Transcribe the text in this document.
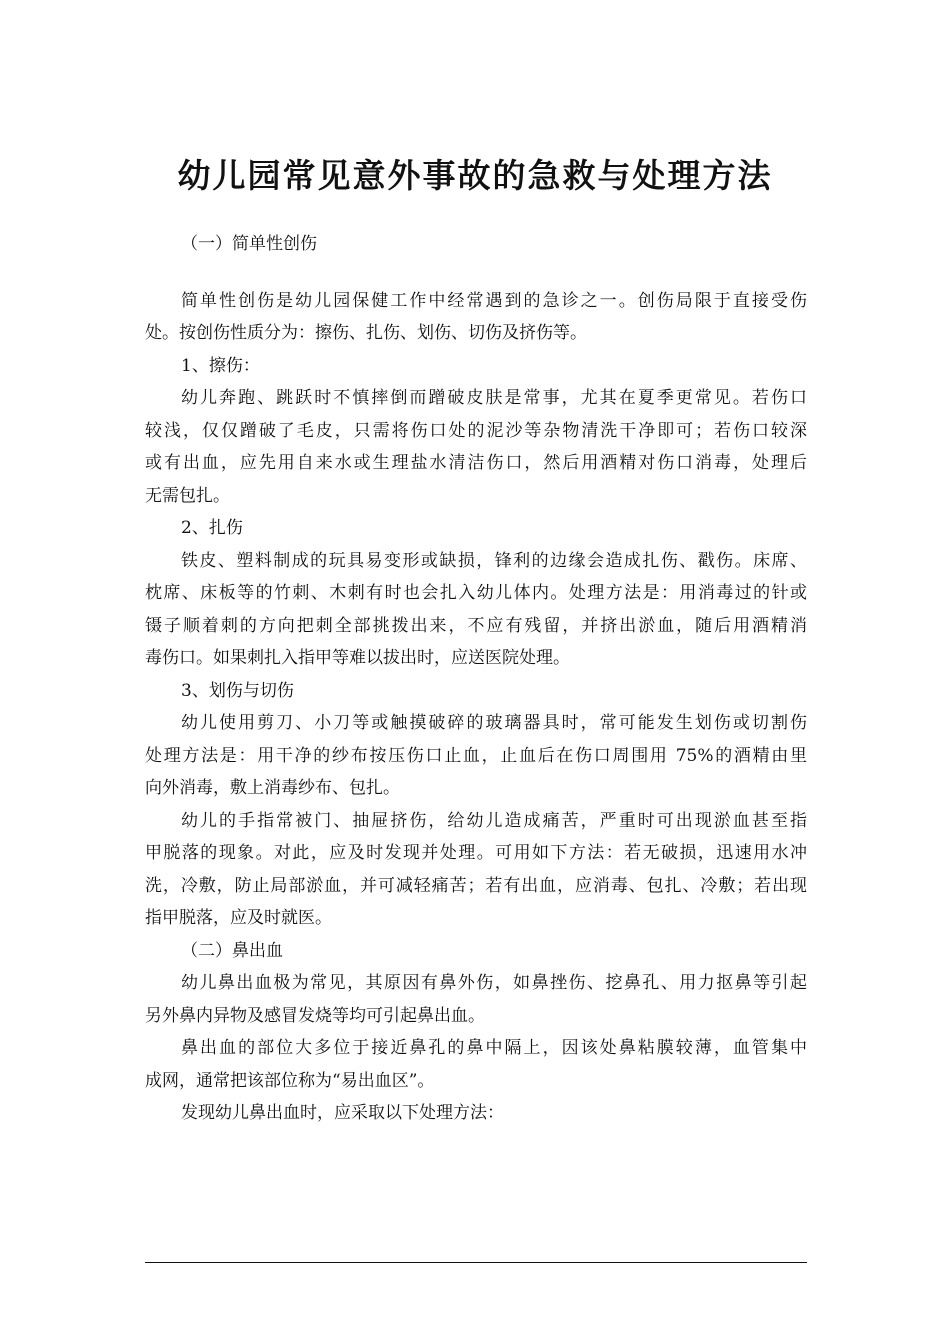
幼儿园常见意外事故的急救与处理方法
（一）简单性创伤
简单性创伤是幼儿园保健工作中经常遇到的急诊之一。创伤局限于直接受伤
处。按创伤性质分为：擦伤、扎伤、划伤、切伤及挤伤等。
1、擦伤：
幼儿奔跑、跳跃时不慎摔倒而蹭破皮肤是常事，尤其在夏季更常见。若伤口
较浅，仅仅蹭破了毛皮，只需将伤口处的泥沙等杂物清洗干净即可；若伤口较深
或有出血，应先用自来水或生理盐水清洁伤口，然后用酒精对伤口消毒，处理后
无需包扎。
2、扎伤
铁皮、塑料制成的玩具易变形或缺损，锋利的边缘会造成扎伤、戳伤。床席、
枕席、床板等的竹刺、木刺有时也会扎入幼儿体内。处理方法是：用消毒过的针或
镊子顺着刺的方向把刺全部挑拨出来，不应有残留，并挤出淤血，随后用酒精消
毒伤口。如果刺扎入指甲等难以拔出时，应送医院处理。
3、划伤与切伤
幼儿使用剪刀、小刀等或触摸破碎的玻璃器具时，常可能发生划伤或切割伤
处理方法是：用干净的纱布按压伤口止血，止血后在伤口周围用 75%的酒精由里
向外消毒，敷上消毒纱布、包扎。
幼儿的手指常被门、抽屉挤伤，给幼儿造成痛苦，严重时可出现淤血甚至指
甲脱落的现象。对此，应及时发现并处理。可用如下方法：若无破损，迅速用水冲
洗，冷敷，防止局部淤血，并可减轻痛苦；若有出血，应消毒、包扎、冷敷；若出现
指甲脱落，应及时就医。
（二）鼻出血
幼儿鼻出血极为常见，其原因有鼻外伤，如鼻挫伤、挖鼻孔、用力抠鼻等引起
另外鼻内异物及感冒发烧等均可引起鼻出血。
鼻出血的部位大多位于接近鼻孔的鼻中隔上，因该处鼻粘膜较薄，血管集中
成网，通常把该部位称为“易出血区”。
发现幼儿鼻出血时，应采取以下处理方法：
